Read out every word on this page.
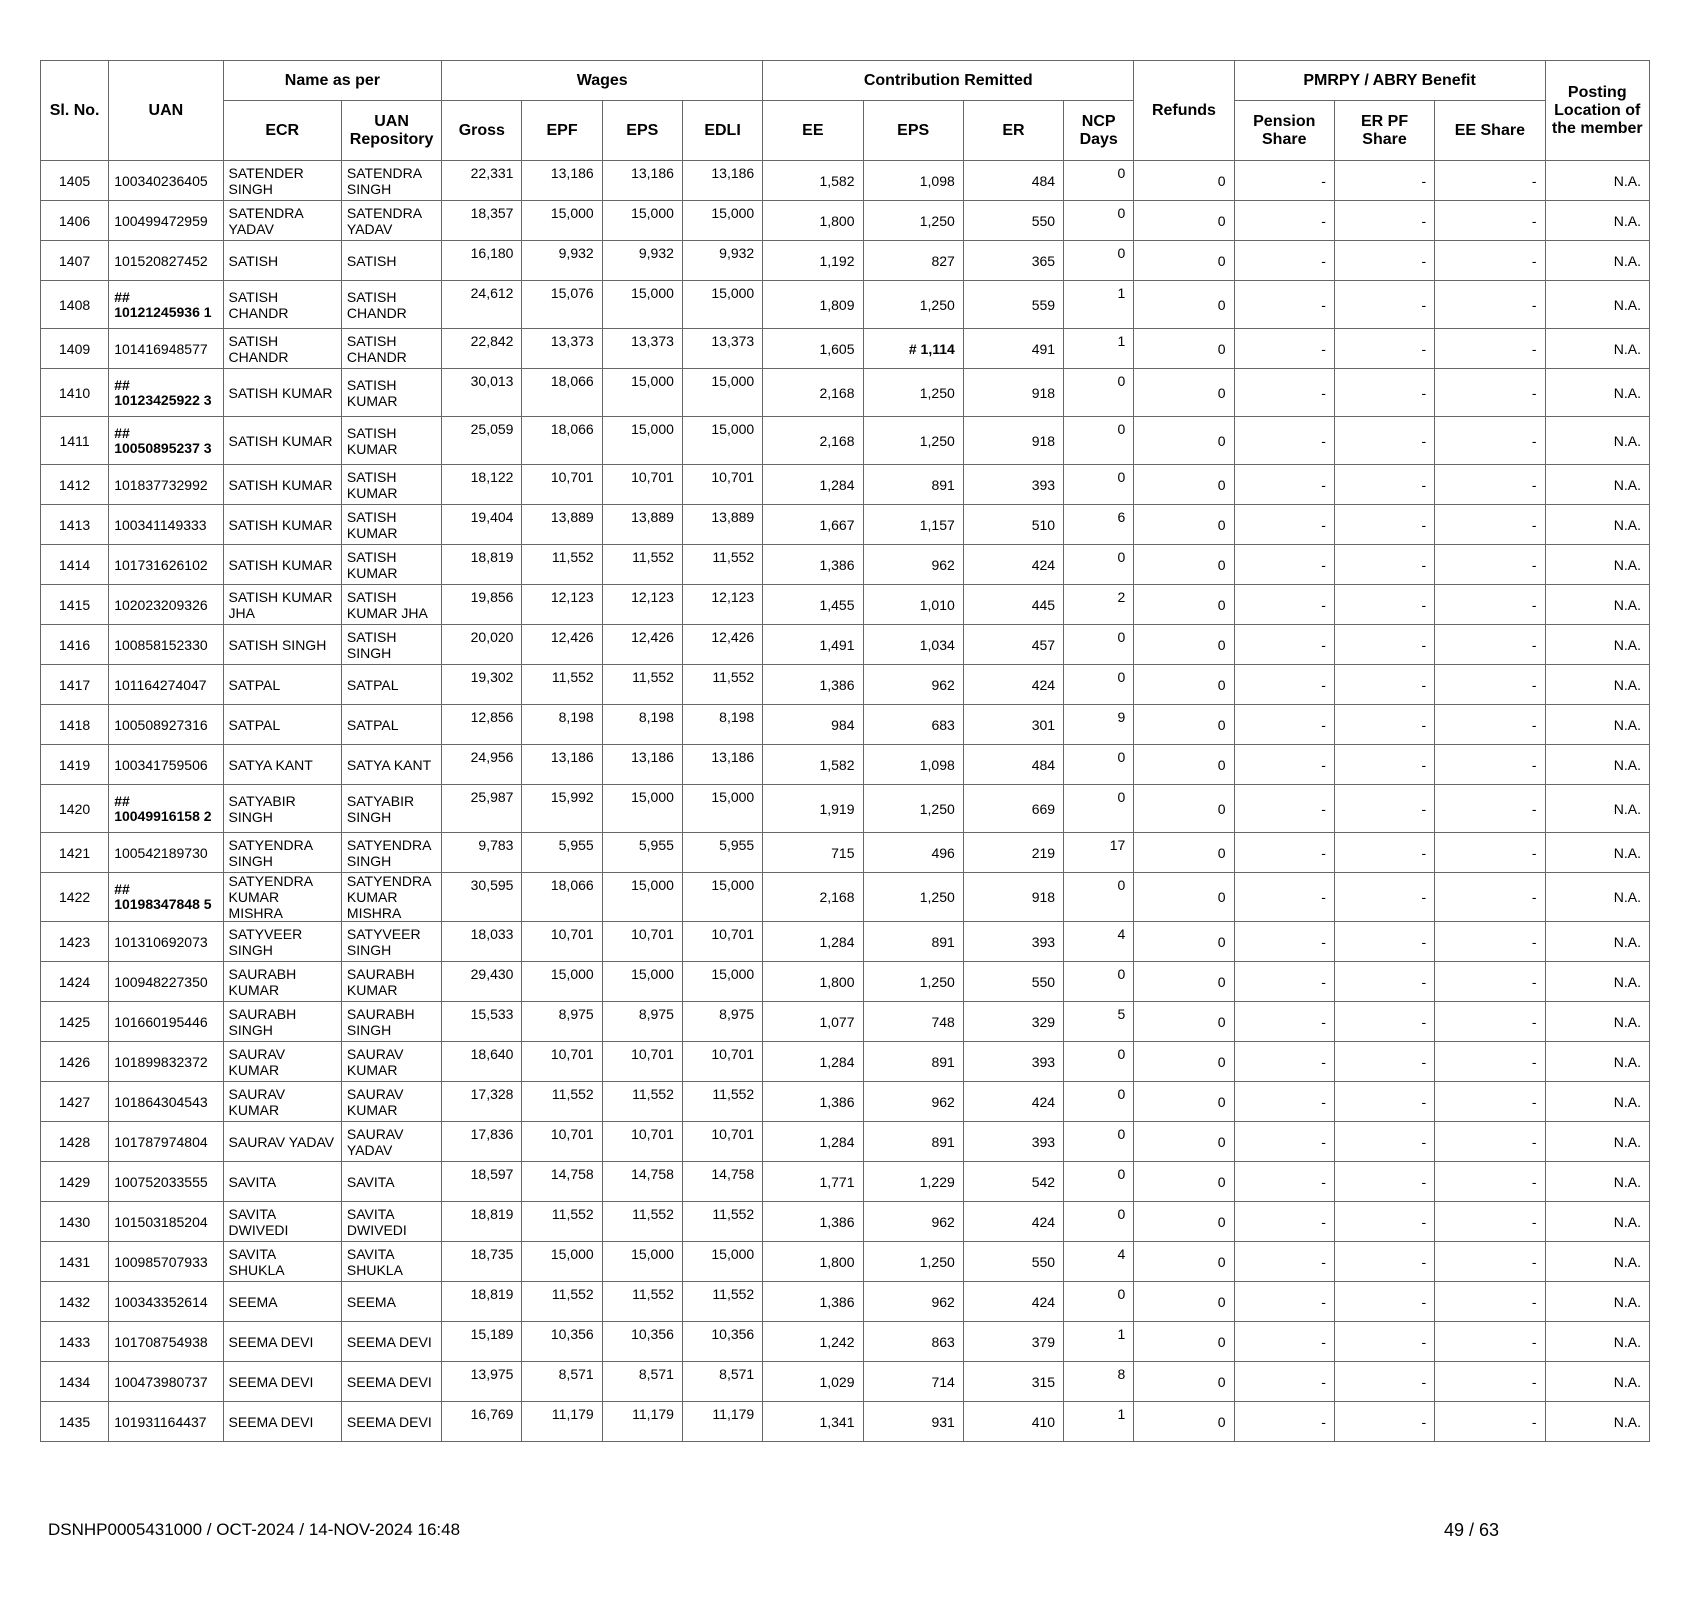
Sl. No.	UAN	Name as per		Wages				Contribution Remitted				Refunds	PMRPY / ABRY Benefit			Posting Location of the member
		ECR	UAN Repository	Gross	EPF	EPS	EDLI	EE	EPS	ER	NCP Days		Pension Share	ER PF Share	EE Share	
1405	100340236405	SATENDER SINGH	SATENDRA SINGH	22,331	13,186	13,186	13,186	1,582	1,098	484	0	0	-	-	-	N.A.
1406	100499472959	SATENDRA YADAV	SATENDRA YADAV	18,357	15,000	15,000	15,000	1,800	1,250	550	0	0	-	-	-	N.A.
1407	101520827452	SATISH	SATISH	16,180	9,932	9,932	9,932	1,192	827	365	0	0	-	-	-	N.A.
1408	## 10121245936 1	SATISH CHANDR	SATISH CHANDR	24,612	15,076	15,000	15,000	1,809	1,250	559	1	0	-	-	-	N.A.
1409	101416948577	SATISH CHANDR	SATISH CHANDR	22,842	13,373	13,373	13,373	1,605	# 1,114	491	1	0	-	-	-	N.A.
1410	## 10123425922 3	SATISH KUMAR	SATISH KUMAR	30,013	18,066	15,000	15,000	2,168	1,250	918	0	0	-	-	-	N.A.
1411	## 10050895237 3	SATISH KUMAR	SATISH KUMAR	25,059	18,066	15,000	15,000	2,168	1,250	918	0	0	-	-	-	N.A.
1412	101837732992	SATISH KUMAR	SATISH KUMAR	18,122	10,701	10,701	10,701	1,284	891	393	0	0	-	-	-	N.A.
1413	100341149333	SATISH KUMAR	SATISH KUMAR	19,404	13,889	13,889	13,889	1,667	1,157	510	6	0	-	-	-	N.A.
1414	101731626102	SATISH KUMAR	SATISH KUMAR	18,819	11,552	11,552	11,552	1,386	962	424	0	0	-	-	-	N.A.
1415	102023209326	SATISH KUMAR JHA	SATISH KUMAR JHA	19,856	12,123	12,123	12,123	1,455	1,010	445	2	0	-	-	-	N.A.
1416	100858152330	SATISH SINGH	SATISH SINGH	20,020	12,426	12,426	12,426	1,491	1,034	457	0	0	-	-	-	N.A.
1417	101164274047	SATPAL	SATPAL	19,302	11,552	11,552	11,552	1,386	962	424	0	0	-	-	-	N.A.
1418	100508927316	SATPAL	SATPAL	12,856	8,198	8,198	8,198	984	683	301	9	0	-	-	-	N.A.
1419	100341759506	SATYA KANT	SATYA KANT	24,956	13,186	13,186	13,186	1,582	1,098	484	0	0	-	-	-	N.A.
1420	## 10049916158 2	SATYABIR SINGH	SATYABIR SINGH	25,987	15,992	15,000	15,000	1,919	1,250	669	0	0	-	-	-	N.A.
1421	100542189730	SATYENDRA SINGH	SATYENDRA SINGH	9,783	5,955	5,955	5,955	715	496	219	17	0	-	-	-	N.A.
1422	## 10198347848 5	SATYENDRA KUMAR MISHRA	SATYENDRA KUMAR MISHRA	30,595	18,066	15,000	15,000	2,168	1,250	918	0	0	-	-	-	N.A.
1423	101310692073	SATYVEER SINGH	SATYVEER SINGH	18,033	10,701	10,701	10,701	1,284	891	393	4	0	-	-	-	N.A.
1424	100948227350	SAURABH KUMAR	SAURABH KUMAR	29,430	15,000	15,000	15,000	1,800	1,250	550	0	0	-	-	-	N.A.
1425	101660195446	SAURABH SINGH	SAURABH SINGH	15,533	8,975	8,975	8,975	1,077	748	329	5	0	-	-	-	N.A.
1426	101899832372	SAURAV KUMAR	SAURAV KUMAR	18,640	10,701	10,701	10,701	1,284	891	393	0	0	-	-	-	N.A.
1427	101864304543	SAURAV KUMAR	SAURAV KUMAR	17,328	11,552	11,552	11,552	1,386	962	424	0	0	-	-	-	N.A.
1428	101787974804	SAURAV YADAV	SAURAV YADAV	17,836	10,701	10,701	10,701	1,284	891	393	0	0	-	-	-	N.A.
1429	100752033555	SAVITA	SAVITA	18,597	14,758	14,758	14,758	1,771	1,229	542	0	0	-	-	-	N.A.
1430	101503185204	SAVITA DWIVEDI	SAVITA DWIVEDI	18,819	11,552	11,552	11,552	1,386	962	424	0	0	-	-	-	N.A.
1431	100985707933	SAVITA SHUKLA	SAVITA SHUKLA	18,735	15,000	15,000	15,000	1,800	1,250	550	4	0	-	-	-	N.A.
1432	100343352614	SEEMA	SEEMA	18,819	11,552	11,552	11,552	1,386	962	424	0	0	-	-	-	N.A.
1433	101708754938	SEEMA DEVI	SEEMA DEVI	15,189	10,356	10,356	10,356	1,242	863	379	1	0	-	-	-	N.A.
1434	100473980737	SEEMA DEVI	SEEMA DEVI	13,975	8,571	8,571	8,571	1,029	714	315	8	0	-	-	-	N.A.
1435	101931164437	SEEMA DEVI	SEEMA DEVI	16,769	11,179	11,179	11,179	1,341	931	410	1	0	-	-	-	N.A.
DSNHP0005431000 / OCT-2024 / 14-NOV-2024 16:48	49 / 63
